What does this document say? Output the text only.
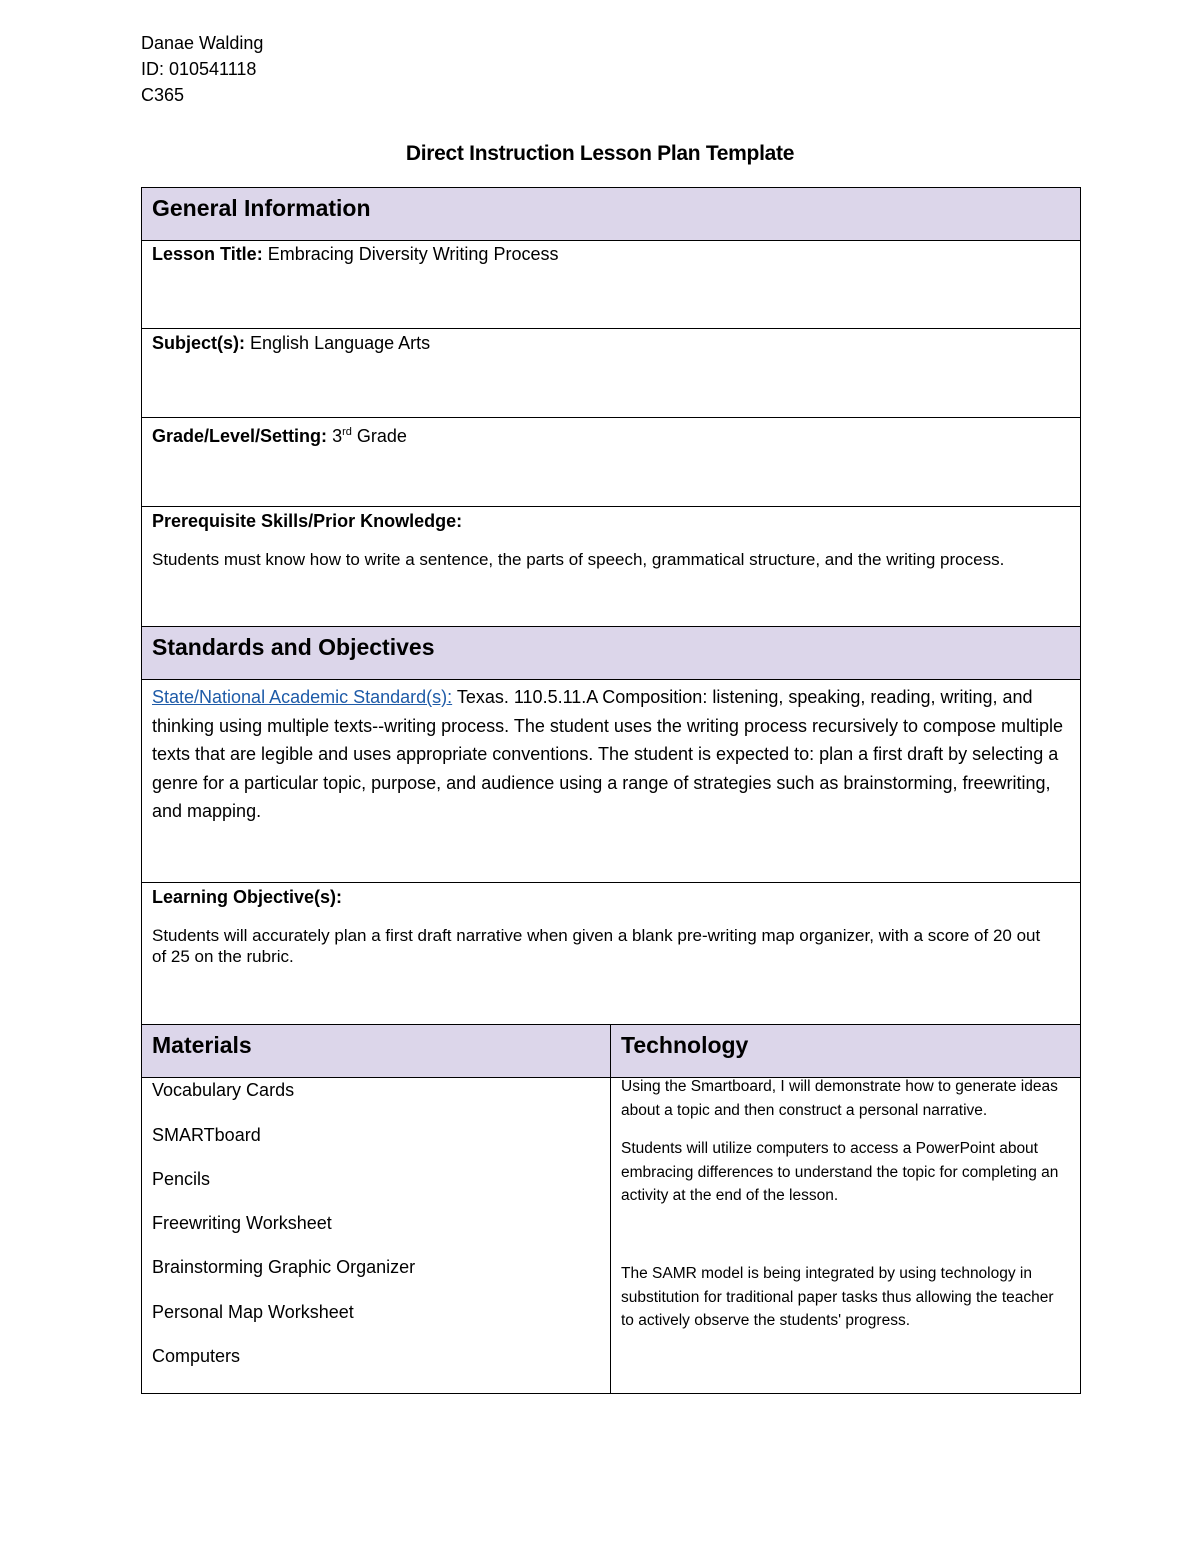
Danae Walding
ID: 010541118
C365
Direct Instruction Lesson Plan Template
General Information
Lesson Title: Embracing Diversity Writing Process
Subject(s): English Language Arts
Grade/Level/Setting: 3rd Grade
Prerequisite Skills/Prior Knowledge:
Students must know how to write a sentence, the parts of speech, grammatical structure, and the writing process.
Standards and Objectives
State/National Academic Standard(s): Texas. 110.5.11.A Composition: listening, speaking, reading, writing, and thinking using multiple texts--writing process. The student uses the writing process recursively to compose multiple texts that are legible and uses appropriate conventions. The student is expected to: plan a first draft by selecting a genre for a particular topic, purpose, and audience using a range of strategies such as brainstorming, freewriting, and mapping.
Learning Objective(s):
Students will accurately plan a first draft narrative when given a blank pre-writing map organizer, with a score of 20 out of 25 on the rubric.
Materials	Technology
Vocabulary Cards
SMARTboard
Pencils
Freewriting Worksheet
Brainstorming Graphic Organizer
Personal Map Worksheet
Computers
Using the Smartboard, I will demonstrate how to generate ideas about a topic and then construct a personal narrative.
Students will utilize computers to access a PowerPoint about embracing differences to understand the topic for completing an activity at the end of the lesson.
The SAMR model is being integrated by using technology in substitution for traditional paper tasks thus allowing the teacher to actively observe the students' progress.
